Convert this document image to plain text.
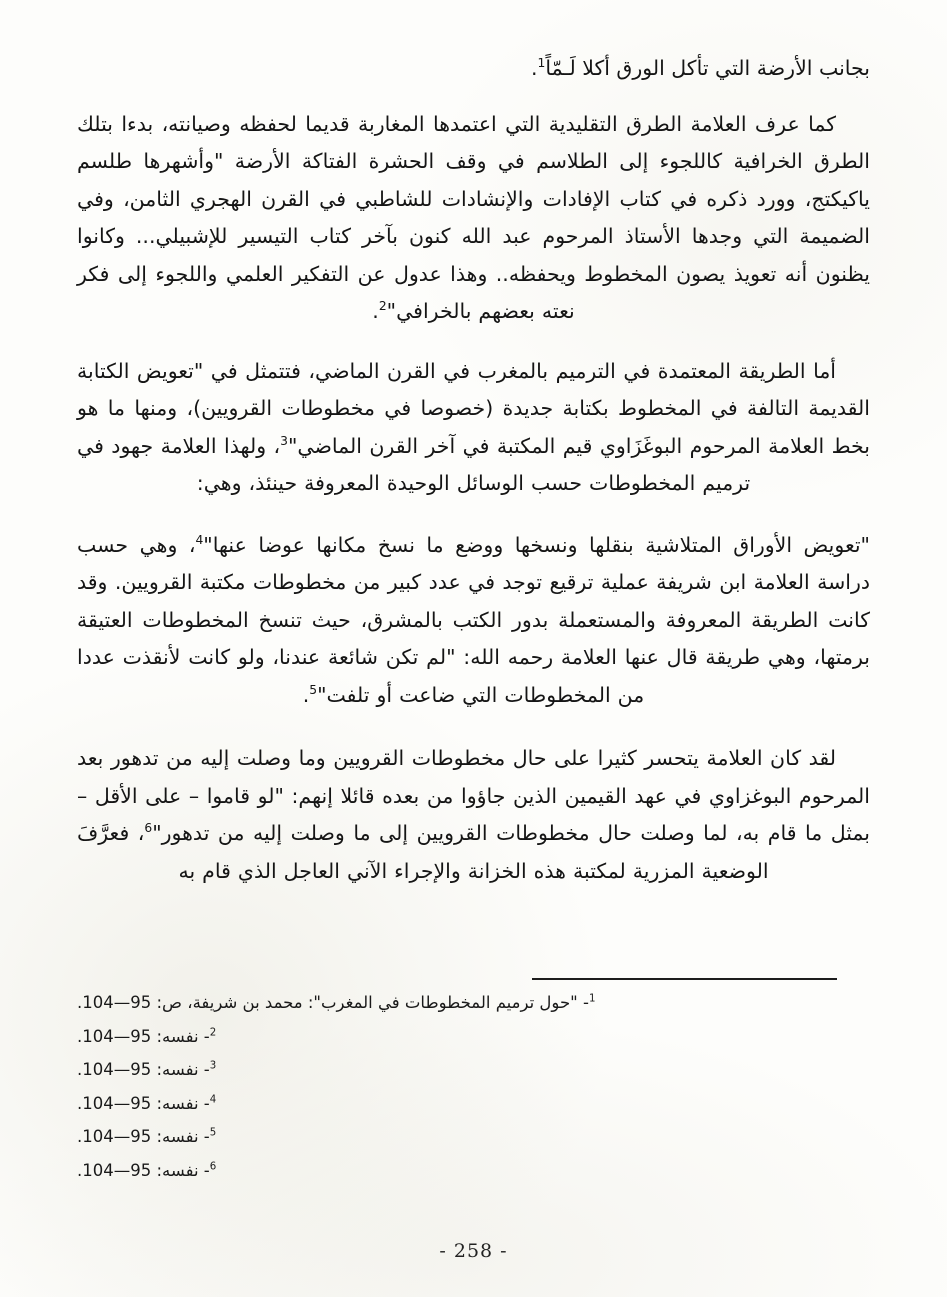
بجانب الأرضة التي تأكل الورق أكلا لَـمّاً$^1$.

كما عرف العلامة الطرق التقليدية التي اعتمدها المغاربة قديما لحفظه وصيانته، بدءا بتلك الطرق الخرافية كاللجوء إلى الطلاسم في وقف الحشرة الفتاكة الأرضة "وأشهرها طلسم ياكيكتج، وورد ذكره في كتاب الإفادات والإنشادات للشاطبي في القرن الهجري الثامن، وفي الضميمة التي وجدها الأستاذ المرحوم عبد الله كنون بآخر كتاب التيسير للإشبيلي... وكانوا يظنون أنه تعويذ يصون المخطوط ويحفظه.. وهذا عدول عن التفكير العلمي واللجوء إلى فكر نعته بعضهم بالخرافي"$^2$.

أما الطريقة المعتمدة في الترميم بالمغرب في القرن الماضي، فتتمثل في "تعويض الكتابة القديمة التالفة في المخطوط بكتابة جديدة (خصوصا في مخطوطات القرويين)، ومنها ما هو بخط العلامة المرحوم البوغَزَاوي قيم المكتبة في آخر القرن الماضي"$^3$، ولهذا العلامة جهود في ترميم المخطوطات حسب الوسائل الوحيدة المعروفة حينئذ، وهي:

"تعويض الأوراق المتلاشية بنقلها ونسخها ووضع ما نسخ مكانها عوضا عنها"$^4$، وهي حسب دراسة العلامة ابن شريفة عملية ترقيع توجد في عدد كبير من مخطوطات مكتبة القرويين. وقد كانت الطريقة المعروفة والمستعملة بدور الكتب بالمشرق، حيث تنسخ المخطوطات العتيقة برمتها، وهي طريقة قال عنها العلامة رحمه الله: "لم تكن شائعة عندنا، ولو كانت لأنقذت عددا من المخطوطات التي ضاعت أو تلفت"$^5$.

لقد كان العلامة يتحسر كثيرا على حال مخطوطات القرويين وما وصلت إليه من تدهور بعد المرحوم البوغزاوي في عهد القيمين الذين جاؤوا من بعده قائلا إنهم: "لو قاموا – على الأقل – بمثل ما قام به، لما وصلت حال مخطوطات القرويين إلى ما وصلت إليه من تدهور"$^6$، فعرَّفَ الوضعية المزرية لمكتبة هذه الخزانة والإجراء الآني العاجل الذي قام به

$^1$- "حول ترميم المخطوطات في المغرب": محمد بن شريفة، ص: 95—104.
$^2$- نفسه: 95—104.
$^3$- نفسه: 95—104.
$^4$- نفسه: 95—104.
$^5$- نفسه: 95—104.
$^6$- نفسه: 95—104.
- 258 -
